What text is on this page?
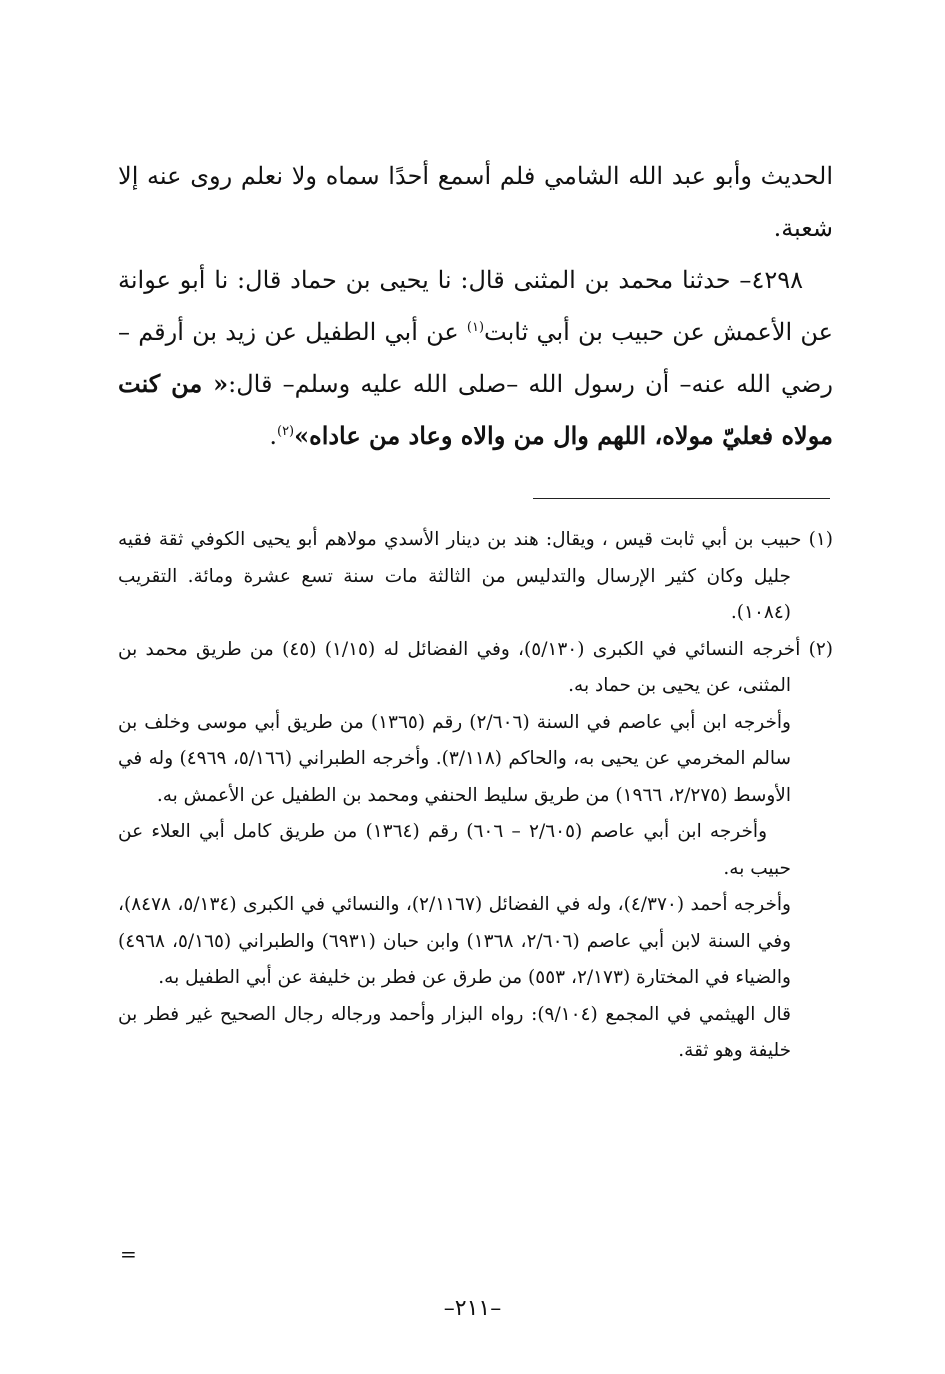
الحديث وأبو عبد الله الشامي فلم أسمع أحدًا سماه ولا نعلم روى عنه إلا شعبة.

٤٢٩٨– حدثنا محمد بن المثنى قال: نا يحيى بن حماد قال: نا أبو عوانة عن الأعمش عن حبيب بن أبي ثابت$^{(١)}$ عن أبي الطفيل عن زيد بن أرقم –رضي الله عنه– أن رسول الله –صلى الله عليه وسلم– قال:« من كنت مولاه فعليّ مولاه، اللهم وال من والاه وعاد من عاداه»$^{(٢)}$.

(١) حبيب بن أبي ثابت قيس ، ويقال: هند بن دينار الأسدي مولاهم أبو يحيى الكوفي ثقة فقيه جليل وكان كثير الإرسال والتدليس من الثالثة مات سنة تسع عشرة ومائة. التقريب (١٠٨٤).

(٢) أخرجه النسائي في الكبرى (٥/١٣٠)، وفي الفضائل له (١/١٥) (٤٥) من طريق محمد بن المثنى، عن يحيى بن حماد به.

وأخرجه ابن أبي عاصم في السنة (٢/٦٠٦) رقم (١٣٦٥) من طريق أبي موسى وخلف بن سالم المخرمي عن يحيى به، والحاكم (٣/١١٨). وأخرجه الطبراني (٥/١٦٦، ٤٩٦٩) وله في الأوسط (٢/٢٧٥، ١٩٦٦) من طريق سليط الحنفي ومحمد بن الطفيل عن الأعمش به.

وأخرجه ابن أبي عاصم (٢/٦٠٥ – ٦٠٦) رقم (١٣٦٤) من طريق كامل أبي العلاء عن حبيب به.

وأخرجه أحمد (٤/٣٧٠)، وله في الفضائل (٢/١١٦٧)، والنسائي في الكبرى (٥/١٣٤، ٨٤٧٨)، وفي السنة لابن أبي عاصم (٢/٦٠٦، ١٣٦٨) وابن حبان (٦٩٣١) والطبراني (٥/١٦٥، ٤٩٦٨) والضياء في المختارة (٢/١٧٣، ٥٥٣) من طرق عن فطر بن خليفة عن أبي الطفيل به.

قال الهيثمي في المجمع (٩/١٠٤): رواه البزار وأحمد ورجاله رجال الصحيح غير فطر بن خليفة وهو ثقة.

=
–٢١١–
